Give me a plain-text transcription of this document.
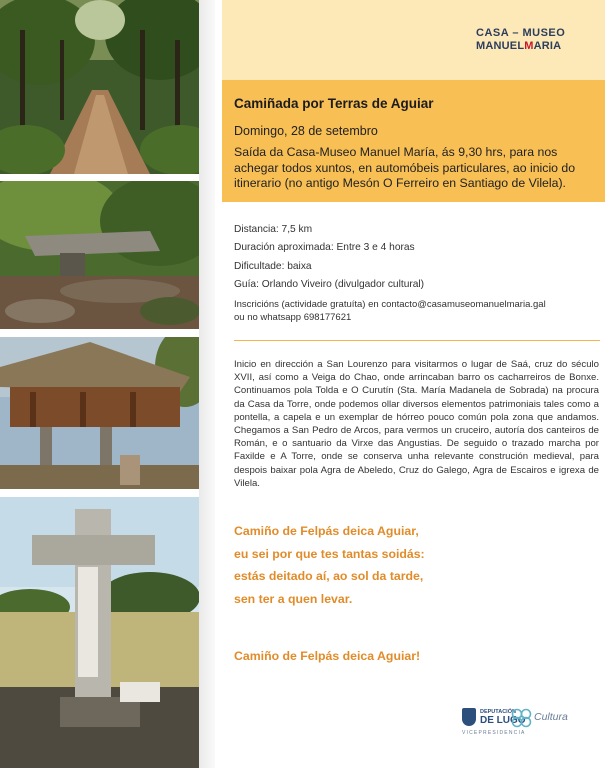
CASA – MUSEO
MANUELMARIA
Camiñada por Terras de Aguiar
Domingo, 28 de setembro
Saída da Casa-Museo Manuel María, ás 9,30 hrs, para nos achegar todos xuntos, en automóbeis particulares, ao inicio do itinerario (no antigo Mesón O Ferreiro en Santiago de Vilela).
Distancia: 7,5 km
Duración aproximada: Entre 3 e 4 horas
Dificultade: baixa
Guía: Orlando Viveiro (divulgador cultural)
Inscricións (actividade gratuíta) en contacto@casamuseomanuelmaria.gal
ou no whatsapp 698177621
Inicio en dirección a San Lourenzo para visitarmos o lugar de Saá, cruz do século XVII, así como a Veiga do Chao, onde arrincaban barro os cacharreiros de Bonxe. Continuamos pola Tolda e O Curutín (Sta. María Madanela de Sobrada) na procura da Casa da Torre, onde podemos ollar diversos elementos patrimoniais tales como a pontella, a capela e un exemplar de hórreo pouco común pola zona que andamos. Chegamos a San Pedro de Arcos, para vermos un cruceiro, autoría dos canteiros de Román, e o santuario da Virxe das Angustias. De seguido o trazado marcha por Faxilde e A Torre, onde se conserva unha relevante construción medieval, para despois baixar pola Agra de Abeledo, Cruz do Galego, Agra de Escairos e igrexa de Vilela.
Camiño de Felpás deica Aguiar,
eu sei por que tes tantas soidás:
estás deitado aí, ao sol da tarde,
sen ter a quen levar.
Camiño de Felpás deica Aguiar!
DEPUTACIÓN
DE LUGO Cultura
VICEPRESIDENCIA
